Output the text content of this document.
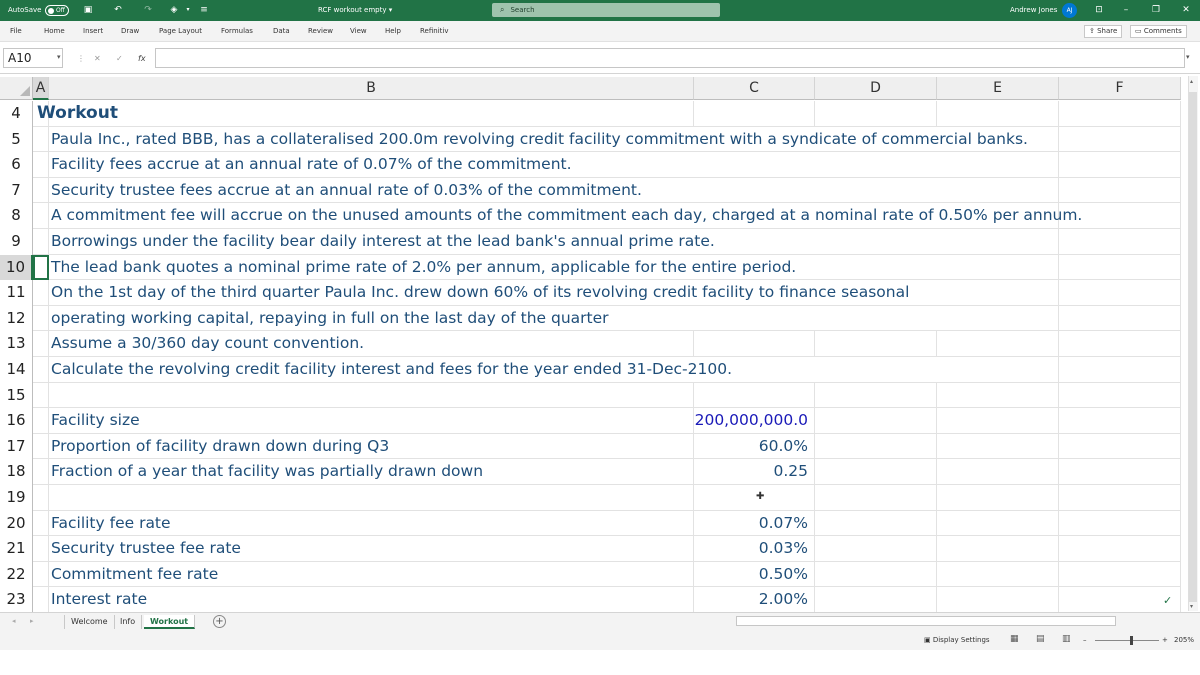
AutoSave Off ▣ ↶ ↷ ◈	▾	≡	RCF workout empty ▾	⌕ Search	Andrew Jones	AJ	⊡	–	❐ ✕
File	Home	Insert	Draw	Page Layout	Formulas	Data	Review View	Help	Refinitiv	⇪ Share	▭ Comments
A10	▾ ⋮ ✕ ✓ fx	▾
A	B	C	D	E	F
4 Workout
5	Paula Inc., rated BBB, has a collateralised 200.0m revolving credit facility commitment with a syndicate of commercial banks.
6	Facility fees accrue at an annual rate of 0.07% of the commitment.
7	Security trustee fees accrue at an annual rate of 0.03% of the commitment.
8	A commitment fee will accrue on the unused amounts of the commitment each day, charged at a nominal rate of 0.50% per annum.
9	Borrowings under the facility bear daily interest at the lead bank's annual prime rate.
10	The lead bank quotes a nominal prime rate of 2.0% per annum, applicable for the entire period.
11	On the 1st day of the third quarter Paula Inc. drew down 60% of its revolving credit facility to finance seasonal
12	operating working capital, repaying in full on the last day of the quarter
13	Assume a 30/360 day count convention.
14	Calculate the revolving credit facility interest and fees for the year ended 31-Dec-2100.
15
16	Facility size	200,000,000.0
17	Proportion of facility drawn down during Q3	60.0%
18	Fraction of a year that facility was partially drawn down	0.25
19
20	Facility fee rate	0.07%
21	Security trustee fee rate	0.03%
22	Commitment fee rate	0.50%
23	Interest rate	2.00%
✚
◂ ▸	Welcome	Info	Workout	+
▣ Display Settings ▦ ▤ ▥ –	+ 205%
▴
▾
✓
